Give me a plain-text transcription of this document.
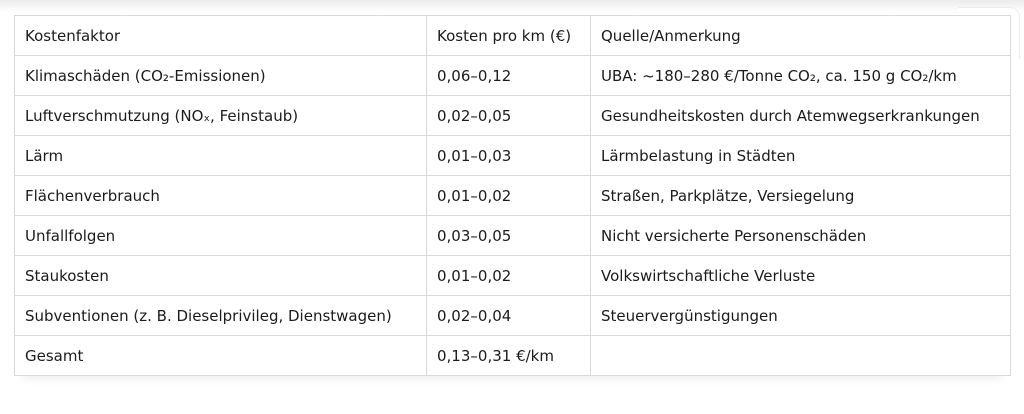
Kostenfaktor	Kosten pro km (€)	Quelle/Anmerkung
Klimaschäden (CO₂-Emissionen)	0,06–0,12	UBA: ~180–280 €/Tonne CO₂, ca. 150 g CO₂/km
Luftverschmutzung (NOₓ, Feinstaub)	0,02–0,05	Gesundheitskosten durch Atemwegserkrankungen
Lärm	0,01–0,03	Lärmbelastung in Städten
Flächenverbrauch	0,01–0,02	Straßen, Parkplätze, Versiegelung
Unfallfolgen	0,03–0,05	Nicht versicherte Personenschäden
Staukosten	0,01–0,02	Volkswirtschaftliche Verluste
Subventionen (z. B. Dieselprivileg, Dienstwagen)	0,02–0,04	Steuervergünstigungen
Gesamt	0,13–0,31 €/km	
